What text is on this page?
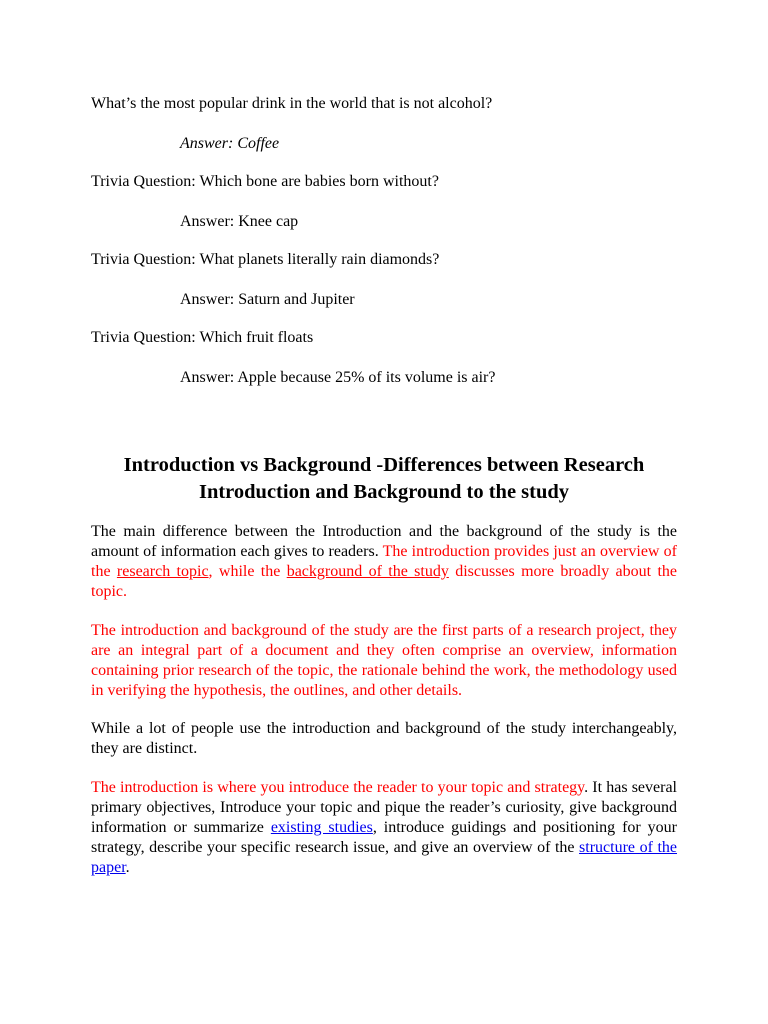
What’s the most popular drink in the world that is not alcohol?
Answer: Coffee
Trivia Question: Which bone are babies born without?
Answer: Knee cap
Trivia Question: What planets literally rain diamonds?
Answer: Saturn and Jupiter
Trivia Question: Which fruit floats
Answer: Apple because 25% of its volume is air?
Introduction vs Background -Differences between Research
Introduction and Background to the study
The main difference between the Introduction and the background of the study is the amount of information each gives to readers. The introduction provides just an overview of the research topic, while the background of the study discusses more broadly about the topic.
The introduction and background of the study are the first parts of a research project, they are an integral part of a document and they often comprise an overview, information containing prior research of the topic, the rationale behind the work, the methodology used in verifying the hypothesis, the outlines, and other details.
While a lot of people use the introduction and background of the study interchangeably, they are distinct.
The introduction is where you introduce the reader to your topic and strategy. It has several primary objectives, Introduce your topic and pique the reader’s curiosity, give background information or summarize existing studies, introduce guidings and positioning for your strategy, describe your specific research issue, and give an overview of the structure of the paper.
